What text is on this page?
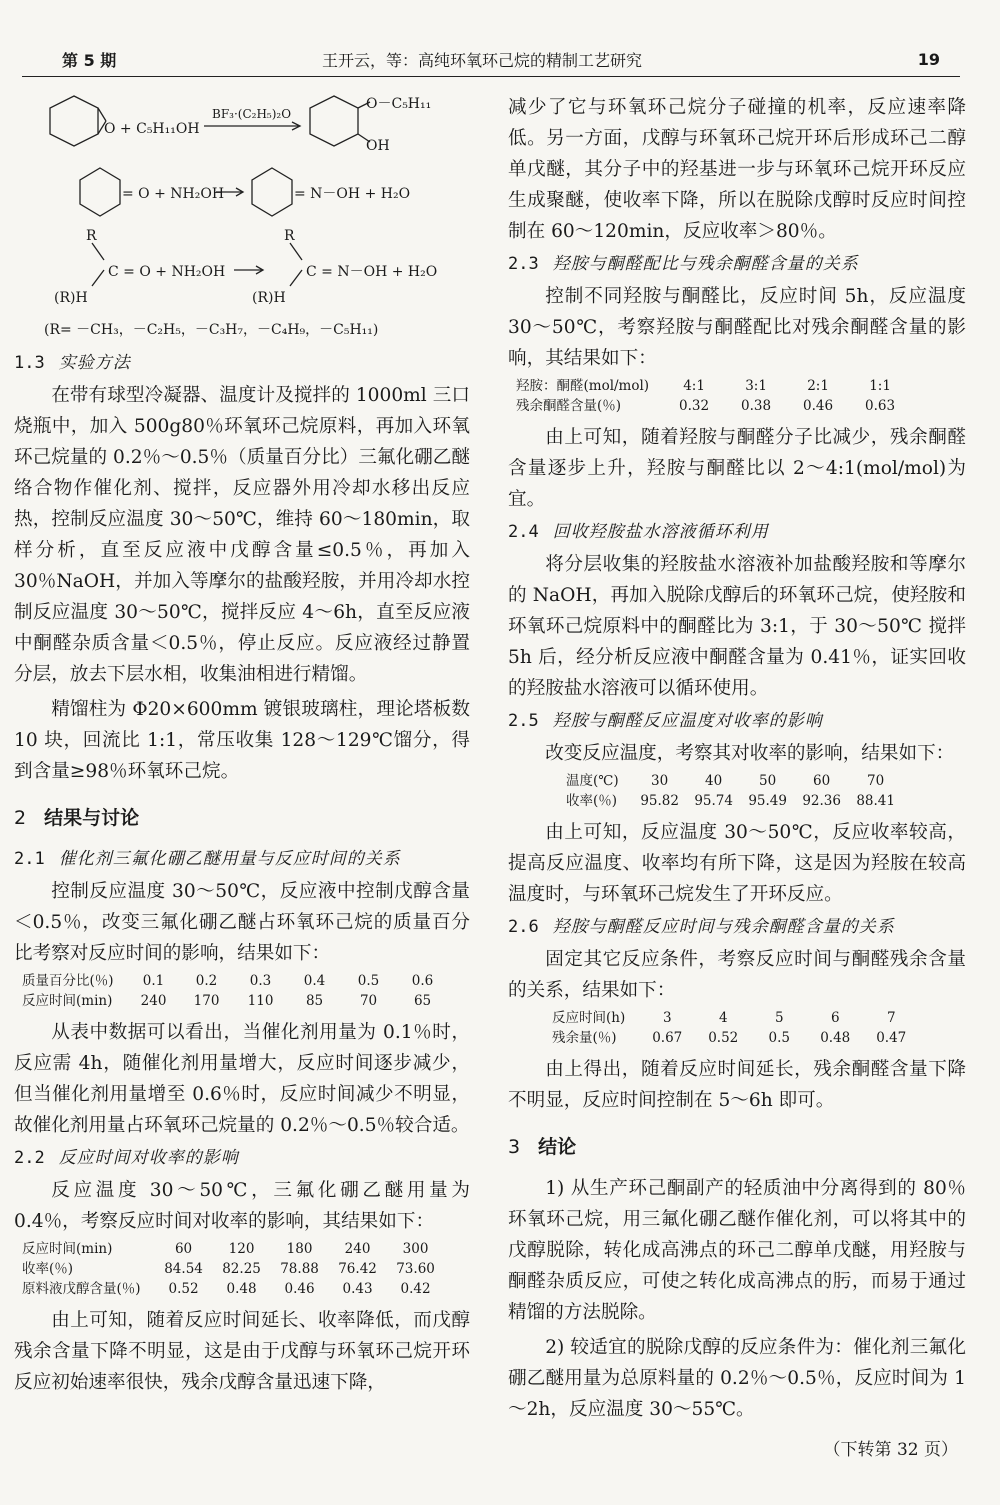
第 5 期	王开云，等：高纯环氧环己烷的精制工艺研究	19
O + C₅H₁₁OH
BF₃·(C₂H₅)₂O
O－C₅H₁₁
OH
= O + NH₂OH	= N－OH + H₂O
R
C = O + NH₂OH
(R)H
R
C = N－OH + H₂O
(R)H
(R= －CH₃，－C₂H₅，－C₃H₇，－C₄H₉，－C₅H₁₁)
1.3 实验方法

在带有球型冷凝器、温度计及搅拌的 1000ml 三口烧瓶中，加入 500g80％环氧环己烷原料，再加入环氧环己烷量的 0.2％～0.5％（质量百分比）三氟化硼乙醚络合物作催化剂、搅拌，反应器外用冷却水移出反应热，控制反应温度 30～50℃，维持 60～180min，取样分析，直至反应液中戊醇含量≤0.5％，再加入 30％NaOH，并加入等摩尔的盐酸羟胺，并用冷却水控制反应温度 30～50℃，搅拌反应 4～6h，直至反应液中酮醛杂质含量＜0.5％，停止反应。反应液经过静置分层，放去下层水相，收集油相进行精馏。

精馏柱为 Φ20×600mm 镀银玻璃柱，理论塔板数 10 块，回流比 1:1，常压收集 128～129℃馏分，得到含量≥98％环氧环己烷。

2 结果与讨论
2.1 催化剂三氟化硼乙醚用量与反应时间的关系

控制反应温度 30～50℃，反应液中控制戊醇含量＜0.5％，改变三氟化硼乙醚占环氧环己烷的质量百分比考察对反应时间的影响，结果如下：

质量百分比(％)	0.1	0.2	0.3	0.4	0.5	0.6
反应时间(min)	240	170	110	85	70	65

从表中数据可以看出，当催化剂用量为 0.1％时，反应需 4h，随催化剂用量增大，反应时间逐步减少，但当催化剂用量增至 0.6％时，反应时间减少不明显，故催化剂用量占环氧环己烷量的 0.2％～0.5％较合适。

2.2 反应时间对收率的影响

反应温度 30～50℃，三氟化硼乙醚用量为 0.4％，考察反应时间对收率的影响，其结果如下：

反应时间(min)	60	120	180	240	300
收率(％)	84.54	82.25	78.88	76.42	73.60
原料液戊醇含量(％)	0.52	0.48	0.46	0.43	0.42

由上可知，随着反应时间延长、收率降低，而戊醇残余含量下降不明显，这是由于戊醇与环氧环己烷开环反应初始速率很快，残余戊醇含量迅速下降，

减少了它与环氧环己烷分子碰撞的机率，反应速率降低。另一方面，戊醇与环氧环己烷开环后形成环己二醇单戊醚，其分子中的羟基进一步与环氧环己烷开环反应生成聚醚，使收率下降，所以在脱除戊醇时反应时间控制在 60～120min，反应收率＞80％。

2.3 羟胺与酮醛配比与残余酮醛含量的关系

控制不同羟胺与酮醛比，反应时间 5h，反应温度 30～50℃，考察羟胺与酮醛配比对残余酮醛含量的影响，其结果如下：

羟胺：酮醛(mol/mol)	4:1	3:1	2:1	1:1
残余酮醛含量(％)	0.32	0.38	0.46	0.63

由上可知，随着羟胺与酮醛分子比减少，残余酮醛含量逐步上升，羟胺与酮醛比以 2～4:1(mol/mol)为宜。

2.4 回收羟胺盐水溶液循环利用

将分层收集的羟胺盐水溶液补加盐酸羟胺和等摩尔的 NaOH，再加入脱除戊醇后的环氧环己烷，使羟胺和环氧环己烷原料中的酮醛比为 3:1，于 30～50℃ 搅拌 5h 后，经分析反应液中酮醛含量为 0.41％，证实回收的羟胺盐水溶液可以循环使用。

2.5 羟胺与酮醛反应温度对收率的影响

改变反应温度，考察其对收率的影响，结果如下：

温度(℃)	30	40	50	60	70
收率(％)	95.82	95.74	95.49	92.36	88.41

由上可知，反应温度 30～50℃，反应收率较高，提高反应温度、收率均有所下降，这是因为羟胺在较高温度时，与环氧环己烷发生了开环反应。

2.6 羟胺与酮醛反应时间与残余酮醛含量的关系

固定其它反应条件，考察反应时间与酮醛残余含量的关系，结果如下：

反应时间(h)	3	4	5	6	7
残余量(％)	0.67	0.52	0.5	0.48	0.47

由上得出，随着反应时间延长，残余酮醛含量下降不明显，反应时间控制在 5～6h 即可。

3 结论

1) 从生产环己酮副产的轻质油中分离得到的 80％环氧环己烷，用三氟化硼乙醚作催化剂，可以将其中的戊醇脱除，转化成高沸点的环己二醇单戊醚，用羟胺与酮醛杂质反应，可使之转化成高沸点的肟，而易于通过精馏的方法脱除。

2) 较适宜的脱除戊醇的反应条件为：催化剂三氟化硼乙醚用量为总原料量的 0.2％～0.5％，反应时间为 1～2h，反应温度 30～55℃。

（下转第 32 页）
